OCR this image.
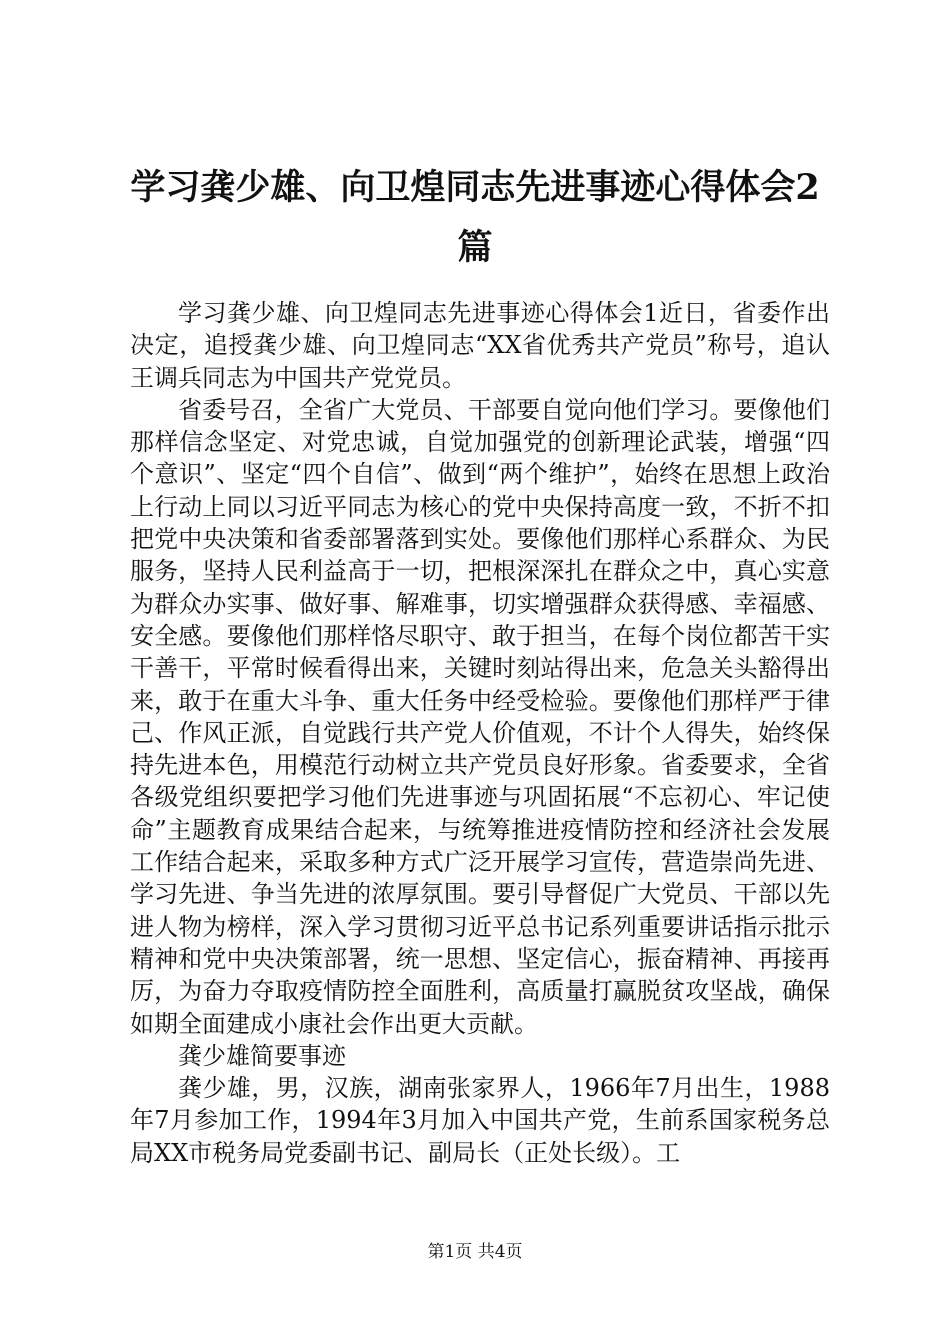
学习龚少雄、向卫煌同志先进事迹心得体会2篇

学习龚少雄、向卫煌同志先进事迹心得体会1近日，省委作出决定，追授龚少雄、向卫煌同志“XX省优秀共产党员”称号，追认王调兵同志为中国共产党党员。

省委号召，全省广大党员、干部要自觉向他们学习。要像他们那样信念坚定、对党忠诚，自觉加强党的创新理论武装，增强“四个意识”、坚定“四个自信”、做到“两个维护”，始终在思想上政治上行动上同以习近平同志为核心的党中央保持高度一致，不折不扣把党中央决策和省委部署落到实处。要像他们那样心系群众、为民服务，坚持人民利益高于一切，把根深深扎在群众之中，真心实意为群众办实事、做好事、解难事，切实增强群众获得感、幸福感、安全感。要像他们那样恪尽职守、敢于担当，在每个岗位都苦干实干善干，平常时候看得出来，关键时刻站得出来，危急关头豁得出来，敢于在重大斗争、重大任务中经受检验。要像他们那样严于律己、作风正派，自觉践行共产党人价值观，不计个人得失，始终保持先进本色，用模范行动树立共产党员良好形象。省委要求，全省各级党组织要把学习他们先进事迹与巩固拓展“不忘初心、牢记使命”主题教育成果结合起来，与统筹推进疫情防控和经济社会发展工作结合起来，采取多种方式广泛开展学习宣传，营造崇尚先进、学习先进、争当先进的浓厚氛围。要引导督促广大党员、干部以先进人物为榜样，深入学习贯彻习近平总书记系列重要讲话指示批示精神和党中央决策部署，统一思想、坚定信心，振奋精神、再接再厉，为奋力夺取疫情防控全面胜利，高质量打赢脱贫攻坚战，确保如期全面建成小康社会作出更大贡献。

龚少雄简要事迹

龚少雄，男，汉族，湖南张家界人，1966年7月出生，1988年7月参加工作，1994年3月加入中国共产党，生前系国家税务总局XX市税务局党委副书记、副局长（正处长级）。工

第1页 共4页
